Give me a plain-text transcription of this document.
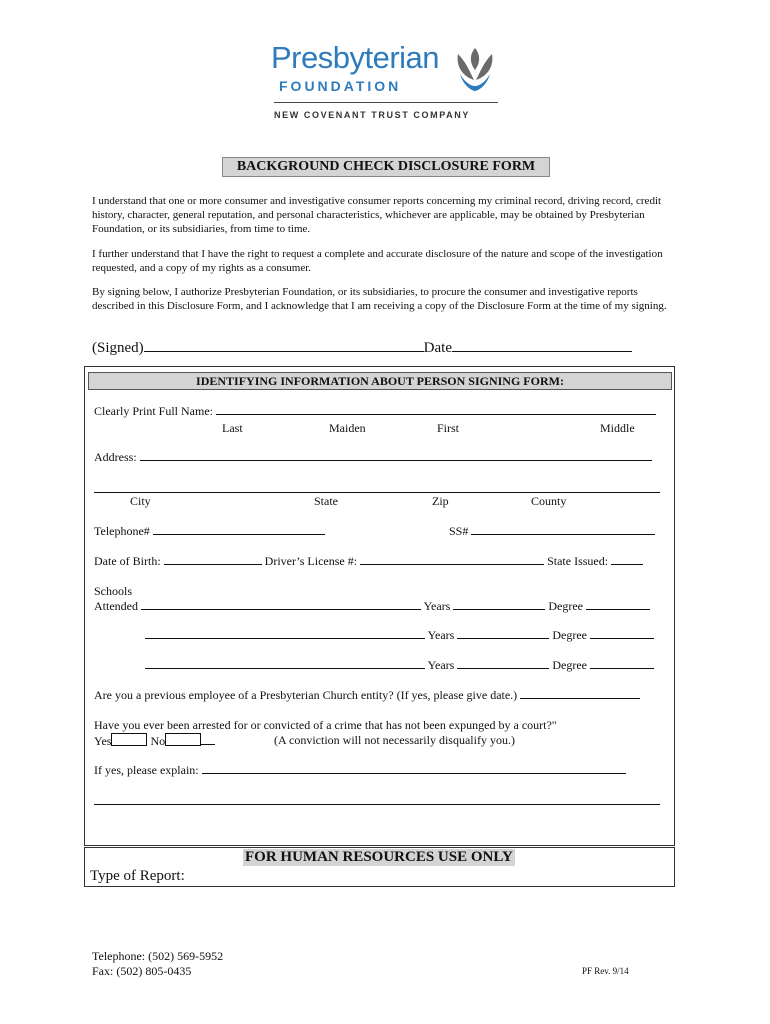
Presbyterian
FOUNDATION
NEW COVENANT TRUST COMPANY
BACKGROUND CHECK DISCLOSURE FORM
I understand that one or more consumer and investigative consumer reports concerning my criminal record, driving record, credit history, character, general reputation, and personal characteristics, whichever are applicable, may be obtained by Presbyterian Foundation, or its subsidiaries, from time to time.
I further understand that I have the right to request a complete and accurate disclosure of the nature and scope of the investigation requested, and a copy of my rights as a consumer.
By signing below, I authorize Presbyterian Foundation, or its subsidiaries, to procure the consumer and investigative reports described in this Disclosure Form, and I acknowledge that I am receiving a copy of the Disclosure Form at the time of my signing.
(Signed)	Date
IDENTIFYING INFORMATION ABOUT PERSON SIGNING FORM:
Clearly Print Full Name:
Last	Maiden	First	Middle
Address:
City	State	Zip	County
Telephone#	SS#
Date of Birth:	Driver’s License #:	State Issued:
Schools
Attended	Years	Degree
Years	Degree
Years	Degree
Are you a previous employee of a Presbyterian Church entity? (If yes, please give date.)
Have you ever been arrested for or convicted of a crime that has not been expunged by a court?"
Yes	No	(A conviction will not necessarily disqualify you.)
If yes, please explain:
FOR HUMAN RESOURCES USE ONLY
Type of Report:
Telephone: (502) 569-5952
Fax: (502) 805-0435	PF Rev. 9/14
